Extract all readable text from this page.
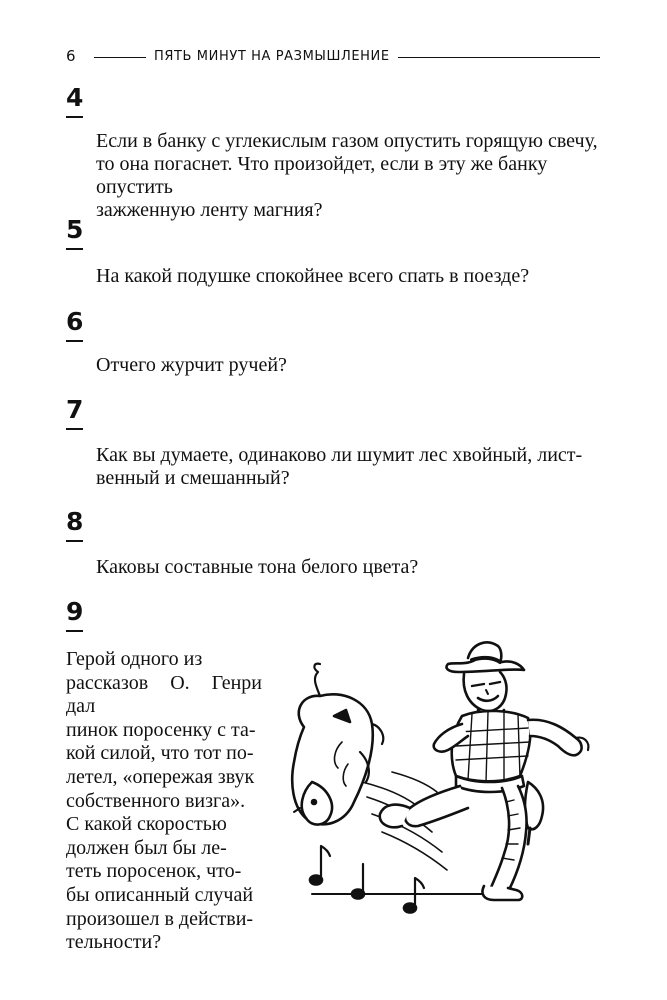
6	ПЯТЬ МИНУТ НА РАЗМЫШЛЕНИЕ
4

Если в банку с углекислым газом опустить горящую свечу,
то она погаснет. Что произойдет, если в эту же банку опустить
зажженную ленту магния?

5

На какой подушке спокойнее всего спать в поезде?

6

Отчего журчит ручей?

7

Как вы думаете, одинаково ли шумит лес хвойный, лист-
венный и смешанный?

8

Каковы составные тона белого цвета?

9

Герой одного из
рассказов О. Генри дал
пинок поросенку с та-
кой силой, что тот по-
летел, «опережая звук
собственного визга».
С какой скоростью
должен был бы ле-
теть поросенок, что-
бы описанный случай
произошел в действи-
тельности?
